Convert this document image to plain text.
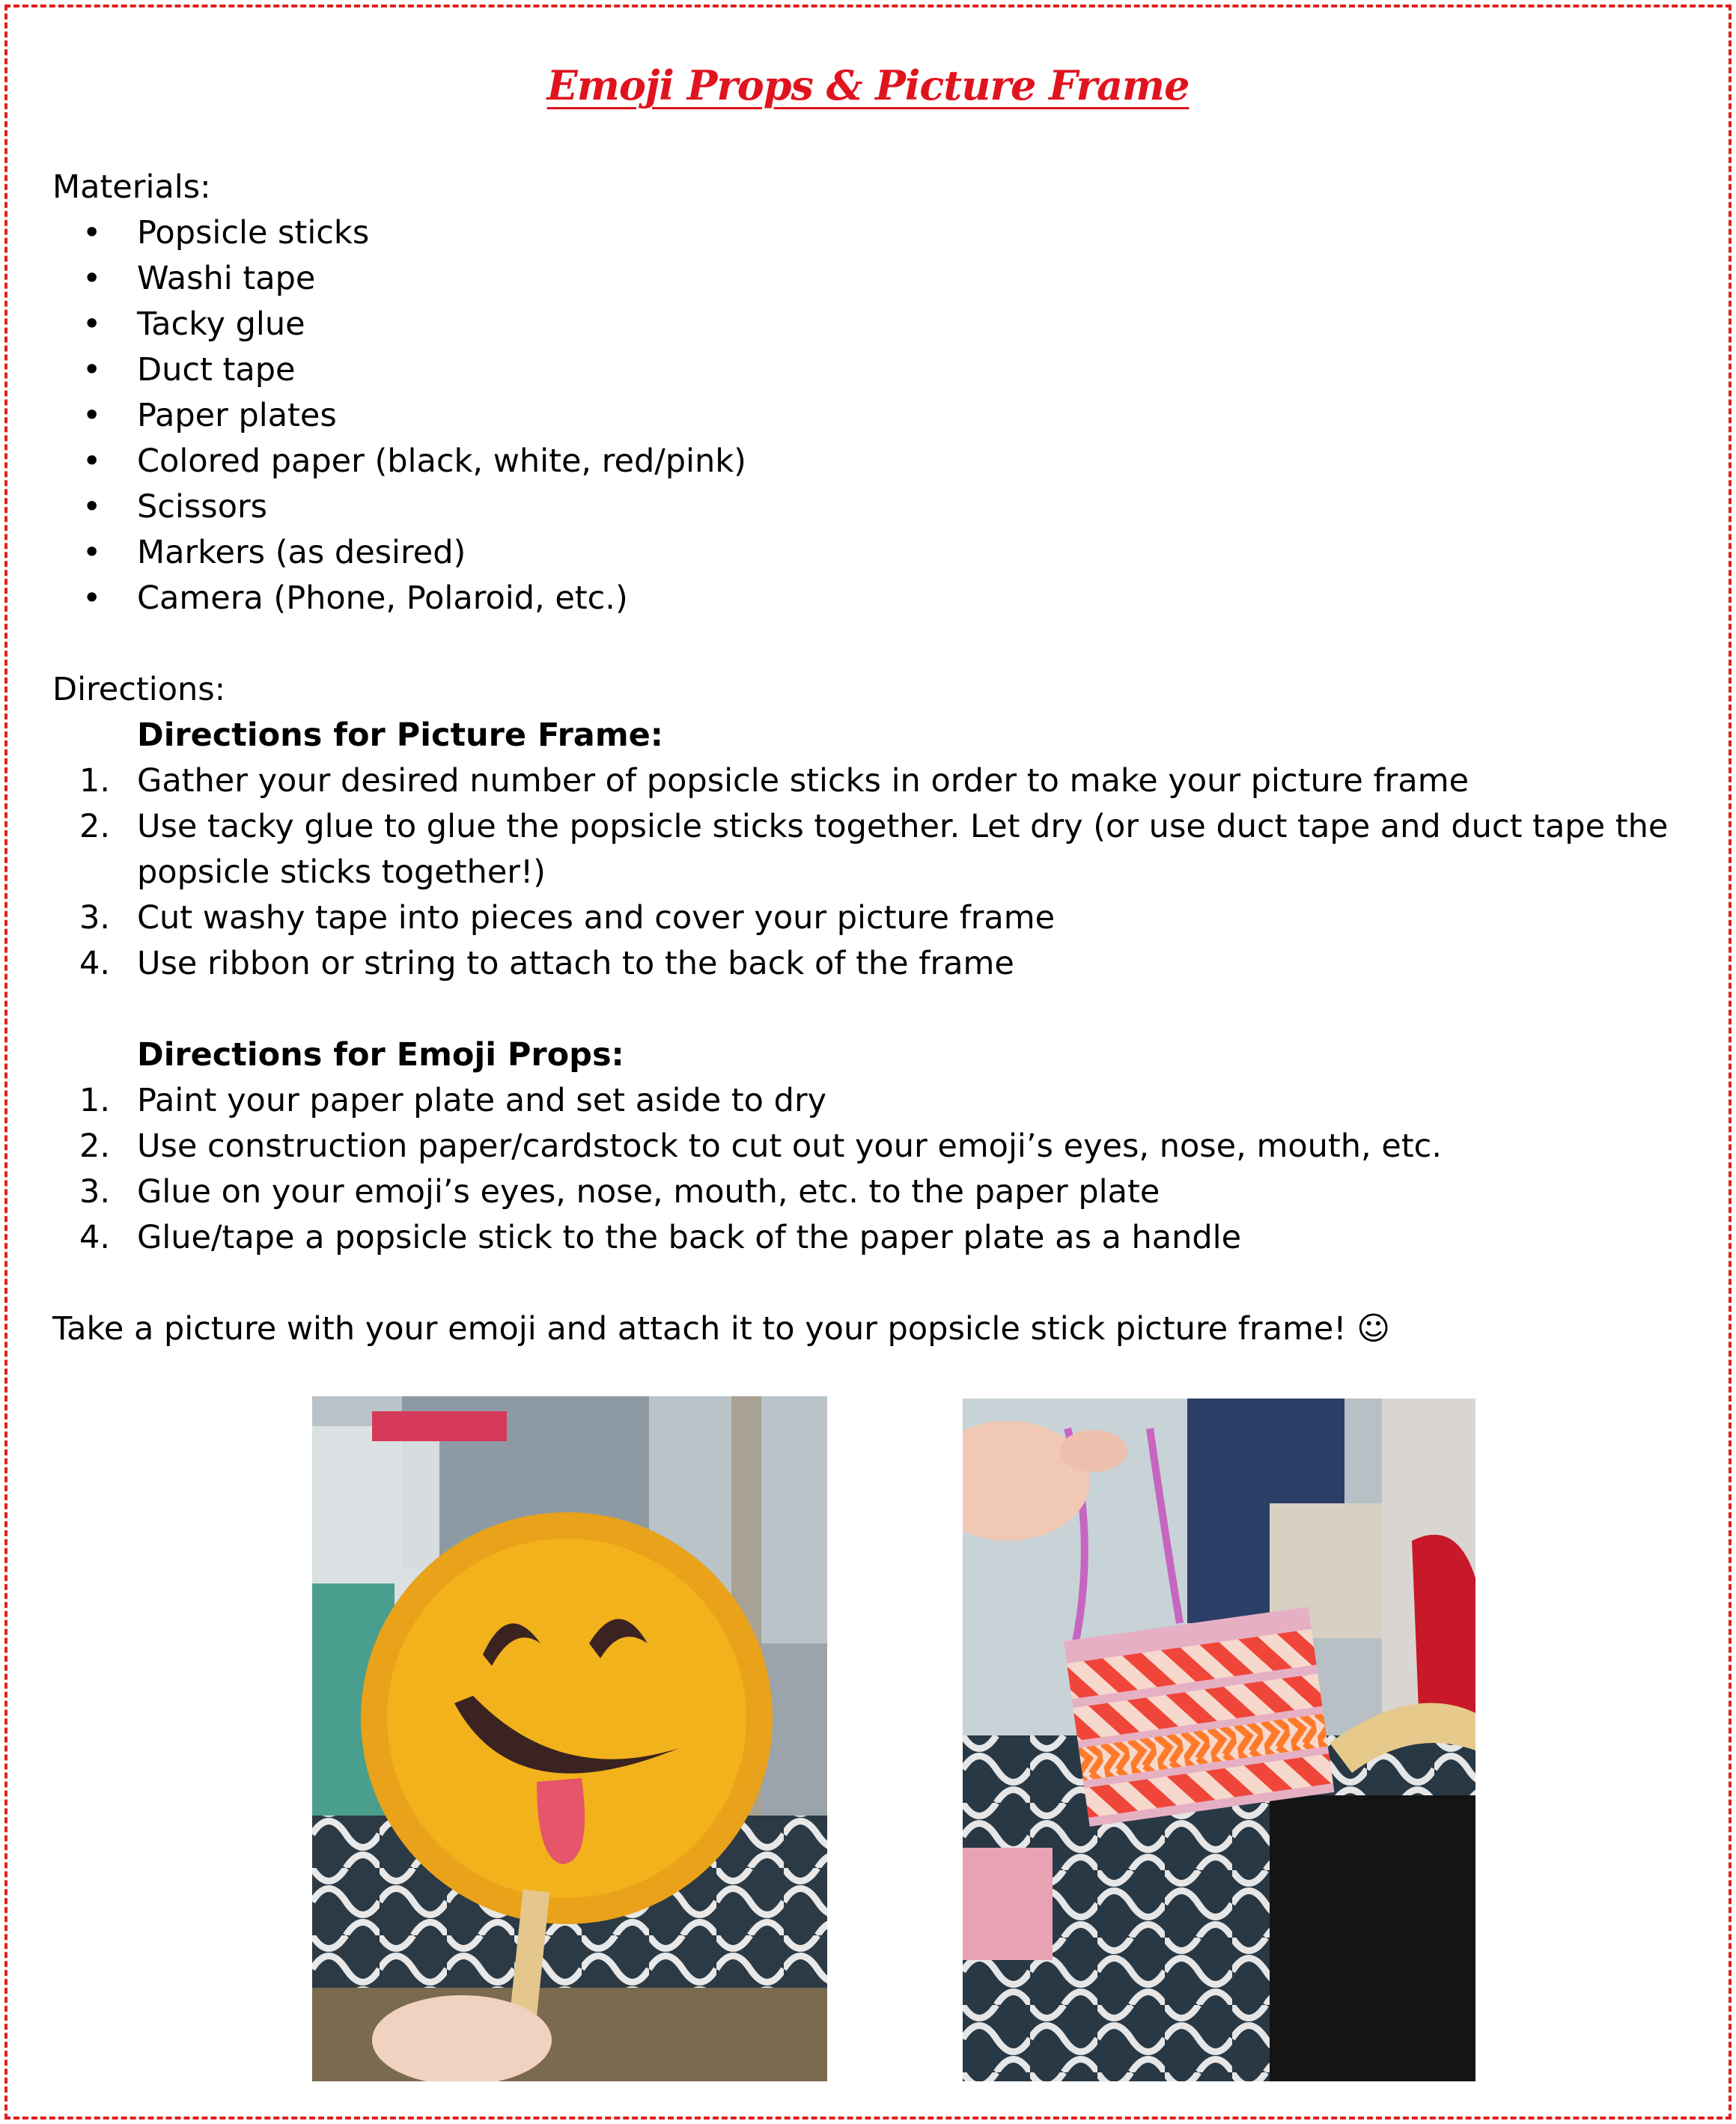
Emoji Props & Picture Frame

Materials:

• Popsicle sticks
• Washi tape
• Tacky glue
• Duct tape
• Paper plates
• Colored paper (black, white, red/pink)
• Scissors
• Markers (as desired)
• Camera (Phone, Polaroid, etc.)

Directions:

Directions for Picture Frame:
1. Gather your desired number of popsicle sticks in order to make your picture frame
2. Use tacky glue to glue the popsicle sticks together. Let dry (or use duct tape and duct tape the popsicle sticks together!)
3. Cut washy tape into pieces and cover your picture frame
4. Use ribbon or string to attach to the back of the frame
Directions for Emoji Props:
1. Paint your paper plate and set aside to dry
2. Use construction paper/cardstock to cut out your emoji’s eyes, nose, mouth, etc.
3. Glue on your emoji’s eyes, nose, mouth, etc. to the paper plate
4. Glue/tape a popsicle stick to the back of the paper plate as a handle

Take a picture with your emoji and attach it to your popsicle stick picture frame! ☺
